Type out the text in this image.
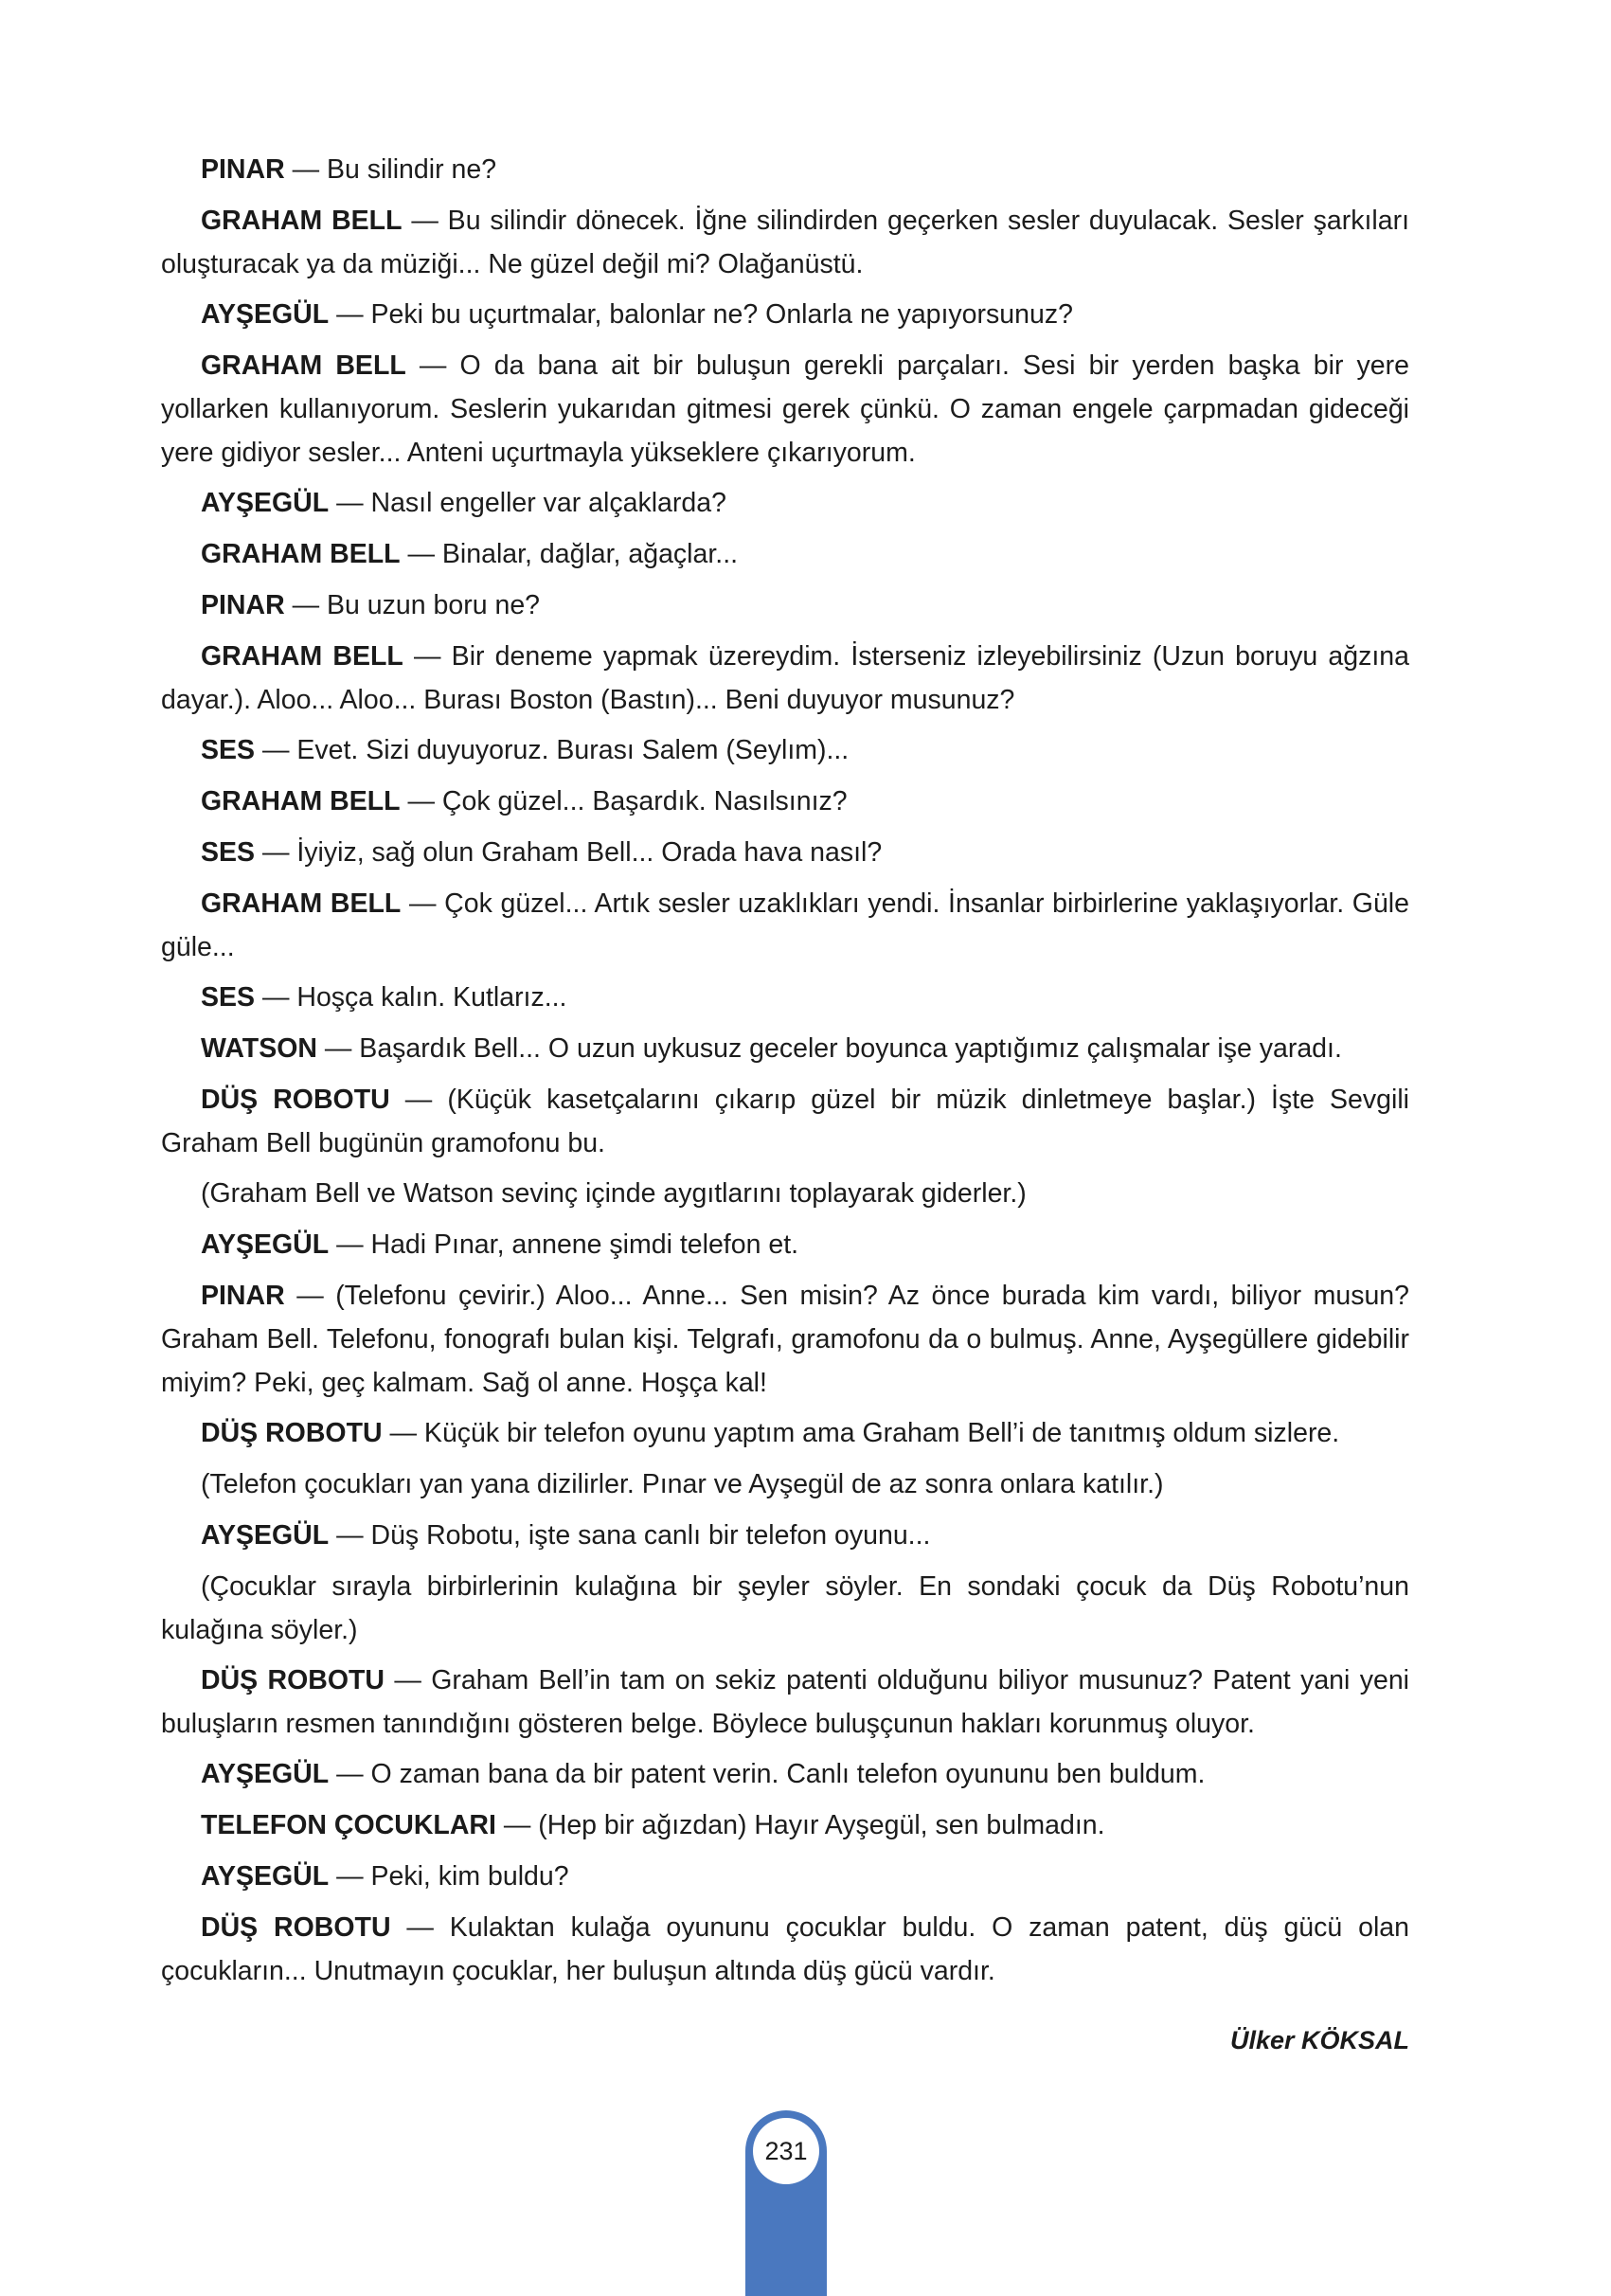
PINAR — Bu silindir ne?

GRAHAM BELL — Bu silindir dönecek. İğne silindirden geçerken sesler duyulacak. Sesler şarkıları oluşturacak ya da müziği... Ne güzel değil mi? Olağanüstü.

AYŞEGÜL — Peki bu uçurtmalar, balonlar ne? Onlarla ne yapıyorsunuz?

GRAHAM BELL — O da bana ait bir buluşun gerekli parçaları. Sesi bir yerden başka bir yere yollarken kullanıyorum. Seslerin yukarıdan gitmesi gerek çünkü. O zaman engele çarpmadan gideceği yere gidiyor sesler... Anteni uçurtmayla yükseklere çıkarıyorum.

AYŞEGÜL — Nasıl engeller var alçaklarda?

GRAHAM BELL — Binalar, dağlar, ağaçlar...

PINAR — Bu uzun boru ne?

GRAHAM BELL — Bir deneme yapmak üzereydim. İsterseniz izleyebilirsiniz (Uzun boruyu ağzına dayar.). Aloo... Aloo... Burası Boston (Bastın)... Beni duyuyor musunuz?

SES — Evet. Sizi duyuyoruz. Burası Salem (Seylım)...

GRAHAM BELL — Çok güzel... Başardık. Nasılsınız?

SES — İyiyiz, sağ olun Graham Bell... Orada hava nasıl?

GRAHAM BELL — Çok güzel... Artık sesler uzaklıkları yendi. İnsanlar birbirlerine yaklaşıyorlar. Güle güle...

SES — Hoşça kalın. Kutlarız...

WATSON — Başardık Bell... O uzun uykusuz geceler boyunca yaptığımız çalışmalar işe yaradı.

DÜŞ ROBOTU — (Küçük kasetçalarını çıkarıp güzel bir müzik dinletmeye başlar.) İşte Sevgili Graham Bell bugünün gramofonu bu.

(Graham Bell ve Watson sevinç içinde aygıtlarını toplayarak giderler.)

AYŞEGÜL — Hadi Pınar, annene şimdi telefon et.

PINAR — (Telefonu çevirir.) Aloo... Anne... Sen misin? Az önce burada kim vardı, biliyor musun? Graham Bell. Telefonu, fonografı bulan kişi. Telgrafı, gramofonu da o bulmuş. Anne, Ayşegüllere gidebilir miyim? Peki, geç kalmam. Sağ ol anne. Hoşça kal!

DÜŞ ROBOTU — Küçük bir telefon oyunu yaptım ama Graham Bell’i de tanıtmış oldum sizlere.

(Telefon çocukları yan yana dizilirler. Pınar ve Ayşegül de az sonra onlara katılır.)

AYŞEGÜL — Düş Robotu, işte sana canlı bir telefon oyunu...

(Çocuklar sırayla birbirlerinin kulağına bir şeyler söyler. En sondaki çocuk da Düş Robotu’nun kulağına söyler.)

DÜŞ ROBOTU — Graham Bell’in tam on sekiz patenti olduğunu biliyor musunuz? Patent yani yeni buluşların resmen tanındığını gösteren belge. Böylece buluşçunun hakları korunmuş oluyor.

AYŞEGÜL — O zaman bana da bir patent verin. Canlı telefon oyununu ben buldum.

TELEFON ÇOCUKLARI — (Hep bir ağızdan) Hayır Ayşegül, sen bulmadın.

AYŞEGÜL — Peki, kim buldu?

DÜŞ ROBOTU — Kulaktan kulağa oyununu çocuklar buldu. O zaman patent, düş gücü olan çocukların... Unutmayın çocuklar, her buluşun altında düş gücü vardır.

Ülker KÖKSAL
231
